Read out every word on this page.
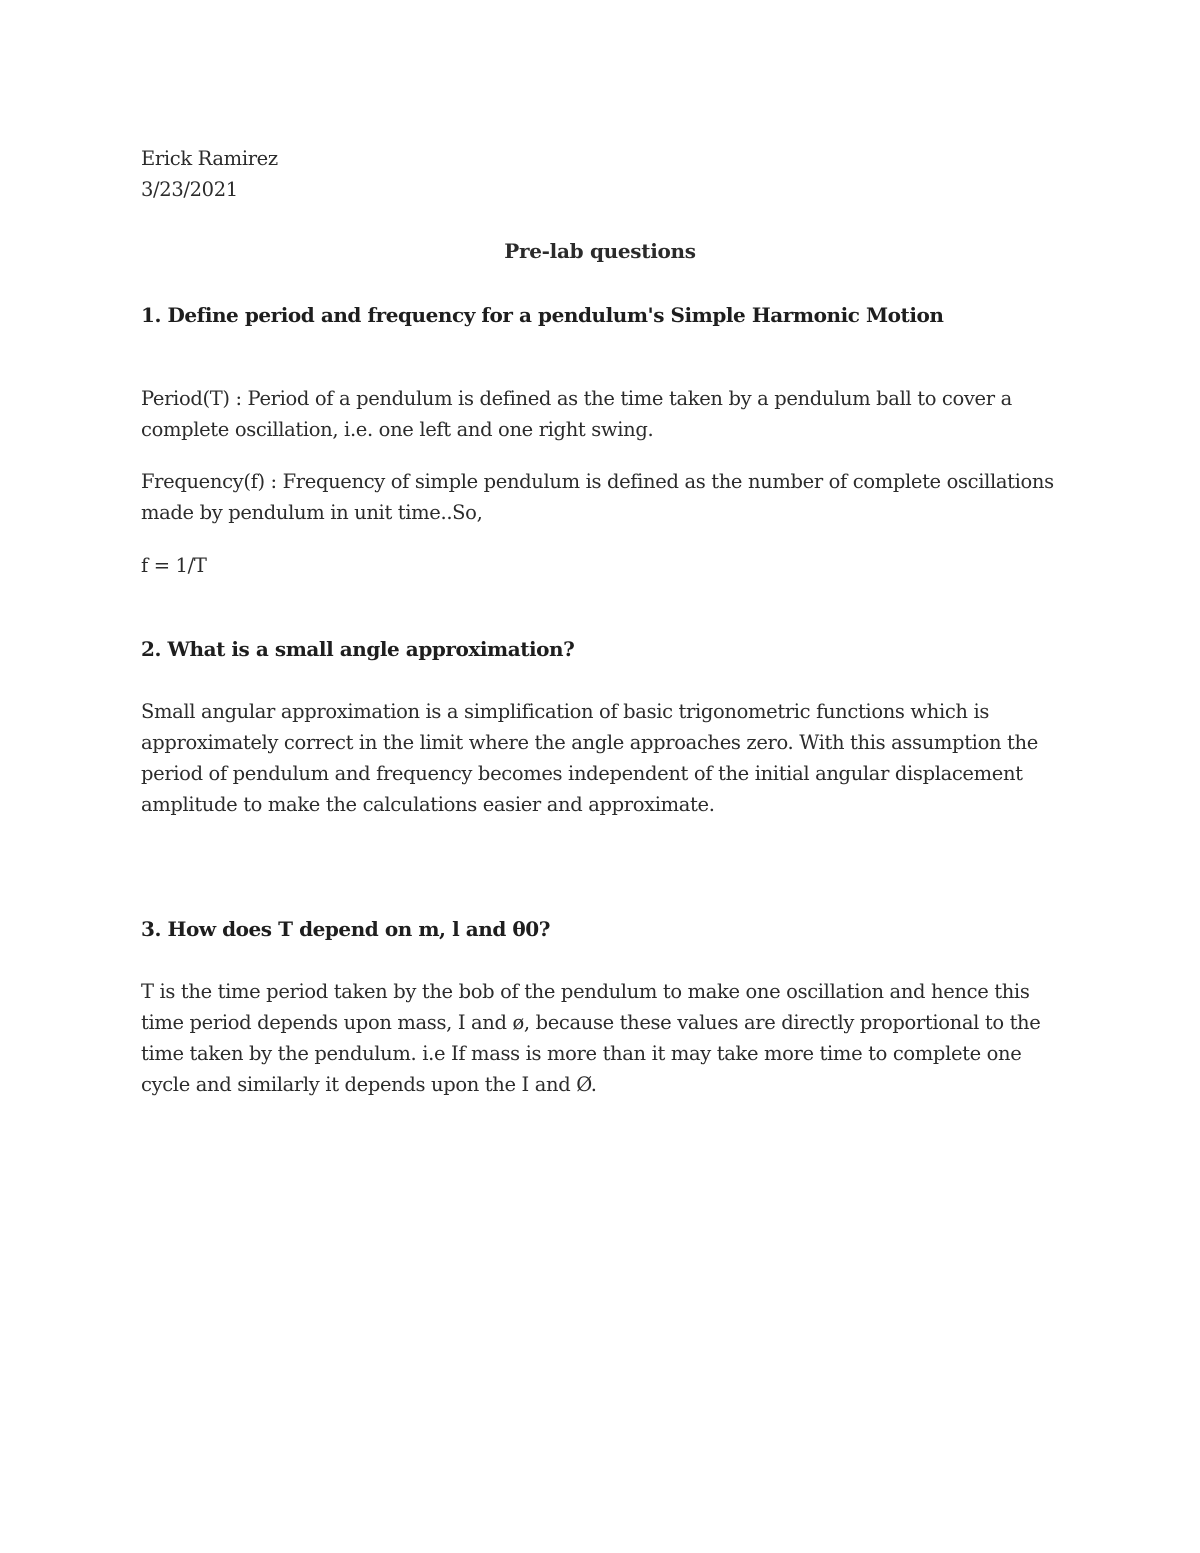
Erick Ramirez

3/23/2021

Pre-lab questions

1. Define period and frequency for a pendulum's Simple Harmonic Motion

Period(T) : Period of a pendulum is defined as the time taken by a pendulum ball to cover a complete oscillation, i.e. one left and one right swing.

Frequency(f) : Frequency of simple pendulum is defined as the number of complete oscillations made by pendulum in unit time..So,

f = 1/T

2. What is a small angle approximation?

Small angular approximation is a simplification of basic trigonometric functions which is approximately correct in the limit where the angle approaches zero. With this assumption the period of pendulum and frequency becomes independent of the initial angular displacement amplitude to make the calculations easier and approximate.

3. How does T depend on m, l and θ0?

T is the time period taken by the bob of the pendulum to make one oscillation and hence this time period depends upon mass, I and ø, because these values are directly proportional to the time taken by the pendulum. i.e If mass is more than it may take more time to complete one cycle and similarly it depends upon the I and Ø.
